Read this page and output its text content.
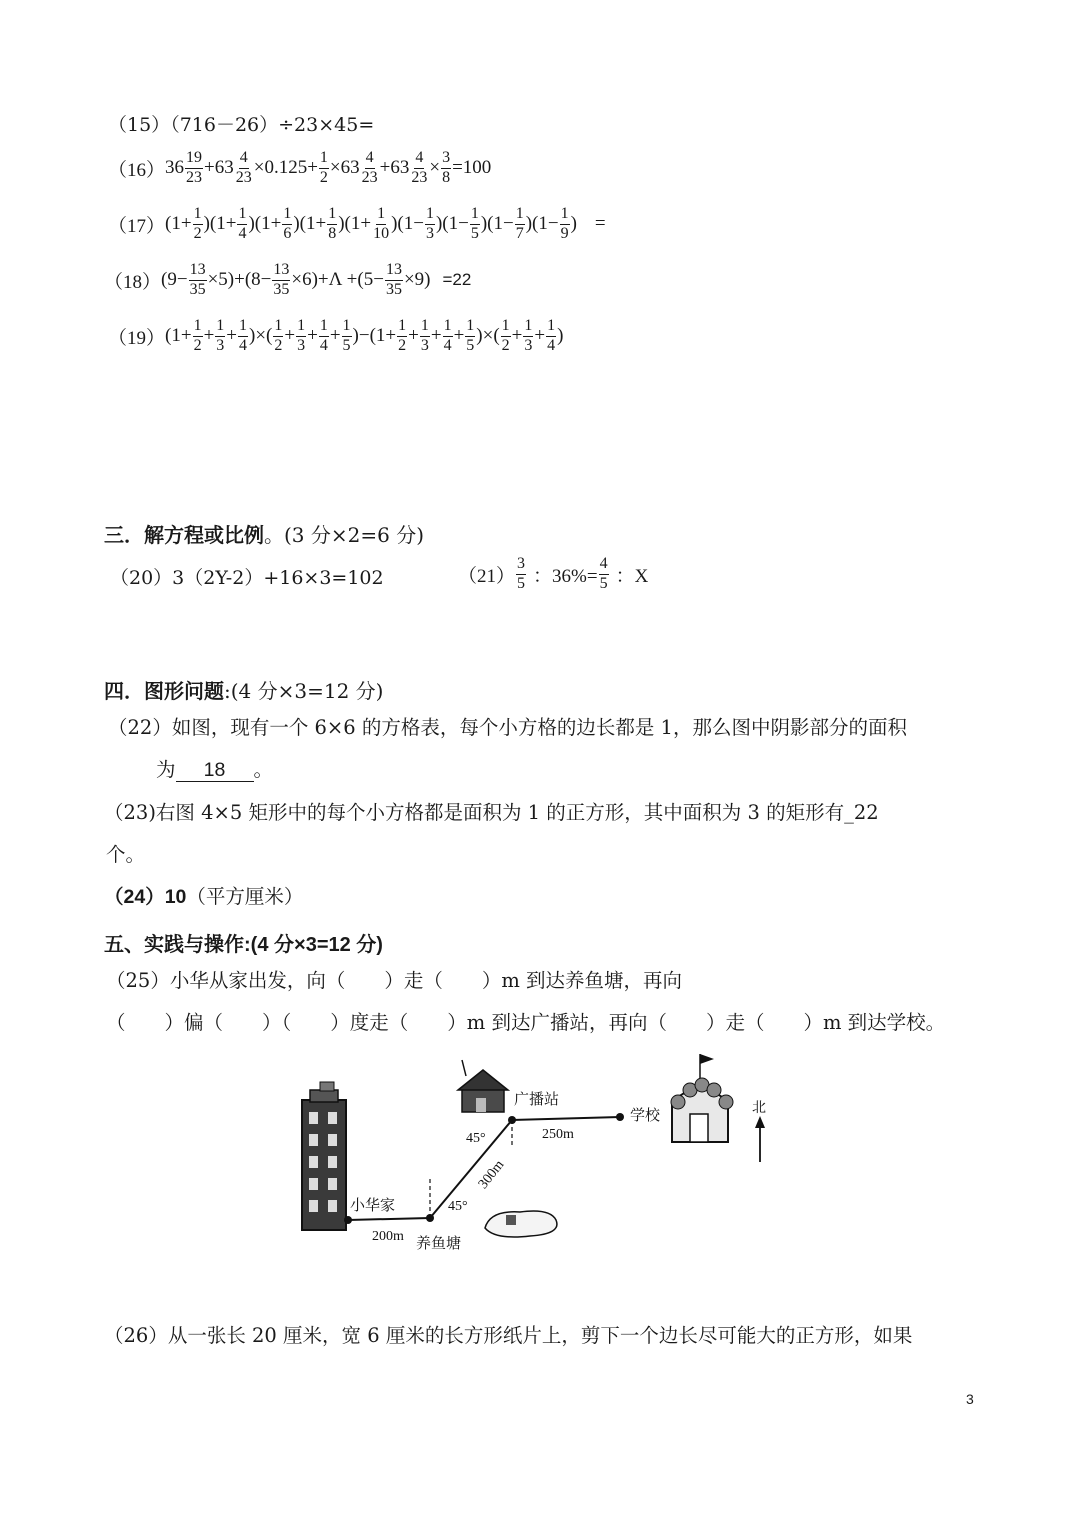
（15）（716－26）÷23×45=
（16） $36 \frac{19}{23} +63 \frac{4}{23} \times 0.125+ \frac{1}{2} \times 63 \frac{4}{23} +63 \frac{4}{23} \times \frac{3}{8} =100$
（17） ($1+ \frac{1}{2}$ ) ($1+ \frac{1}{4}$ ) ($1+ \frac{1}{6}$ ) ($1+ \frac{1}{8}$ ) ($1+ \frac{1}{10}$ ) ($1- \frac{1}{3}$ ) ($1- \frac{1}{5}$ ) ($1- \frac{1}{7}$ ) ($1- \frac{1}{9}$ ) =
（18） $(9- \frac{13}{35} \times 5)+ (8- \frac{13}{35} \times 6)+\Lambda + (5- \frac{13}{35} \times 9) =22$
（19） ($1+ \frac{1}{2} + \frac{1}{3} + \frac{1}{4}$ )×( $\frac{1}{2} + \frac{1}{3} + \frac{1}{4} + \frac{1}{5} )-(1+ \frac{1}{2} + \frac{1}{3} + \frac{1}{4} + \frac{1}{5}$ )×( $\frac{1}{2} + \frac{1}{3} + \frac{1}{4}$ )
三．解方程或比例。(3 分×2=6 分)
（20）3（2Y-2）+16×3=102	$(21) \frac{3}{5}$ ：$36\%= \frac{4}{5}$ ：X
四．图形问题:(4 分×3=12 分)
（22）如图，现有一个 6×6 的方格表，每个小方格的边长都是 1，那么图中阴影部分的面积
为 18 。
（23)右图 4×5 矩形中的每个小方格都是面积为 1 的正方形，其中面积为 3 的矩形有_22
个。
（24）10（平方厘米）
五、实践与操作:(4 分×3=12 分)
（25）小华从家出发，向（　　）走（　　）m 到达养鱼塘，再向
（　　）偏（　　）（　　）度走（　　）m 到达广播站，再向（　　）走（　　）m 到达学校。
小华家
200m 养鱼塘
45°
300m
45°
广播站
250m
学校	北
（26）从一张长 20 厘米，宽 6 厘米的长方形纸片上，剪下一个边长尽可能大的正方形，如果
3
